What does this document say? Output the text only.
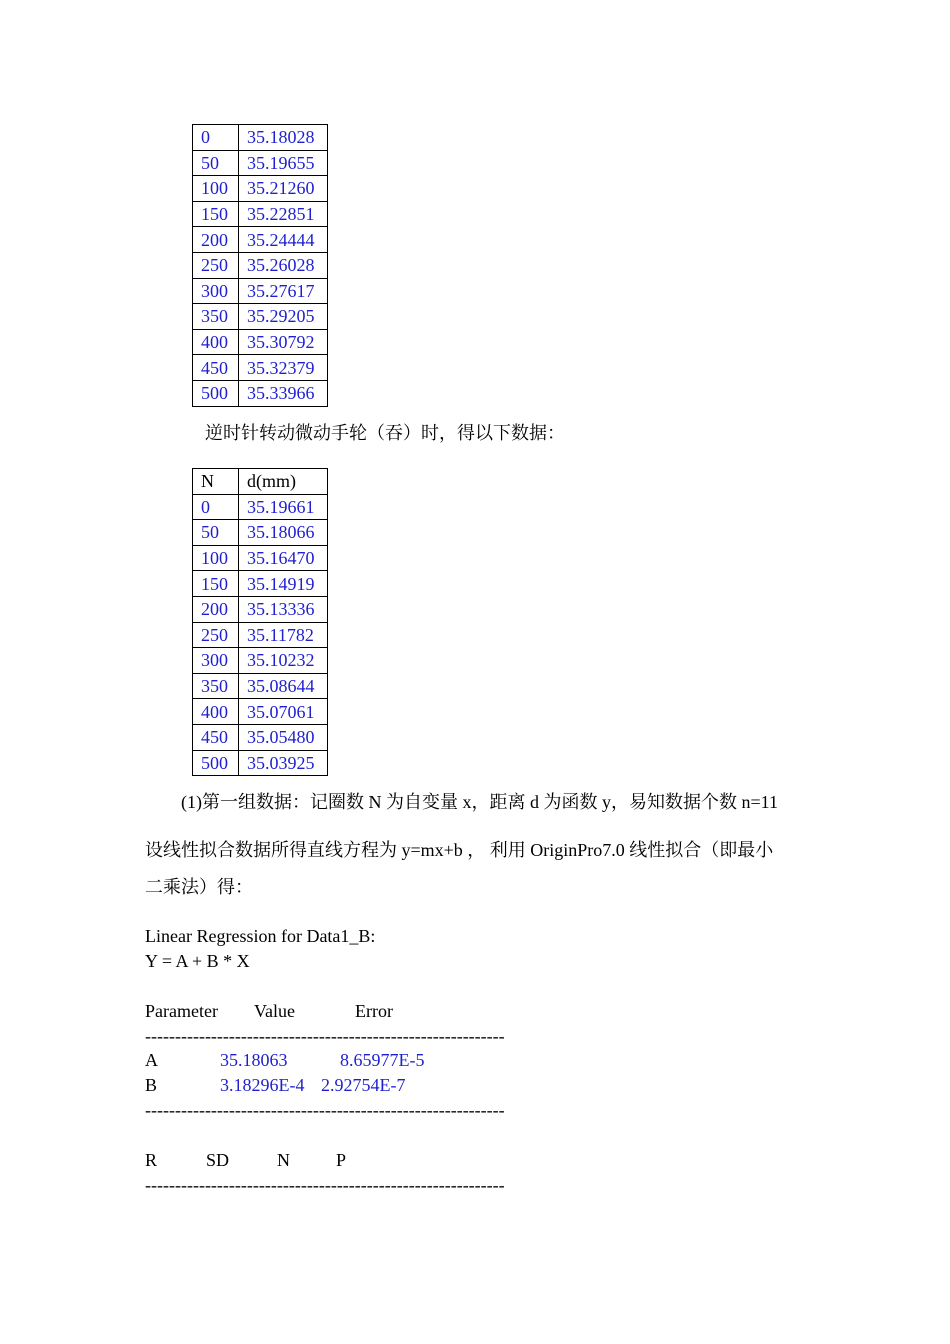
0	35.18028
50	35.19655
100	35.21260
150	35.22851
200	35.24444
250	35.26028
300	35.27617
350	35.29205
400	35.30792
450	35.32379
500	35.33966
逆时针转动微动手轮（吞）时，得以下数据：
N	d(mm)
0	35.19661
50	35.18066
100	35.16470
150	35.14919
200	35.13336
250	35.11782
300	35.10232
350	35.08644
400	35.07061
450	35.05480
500	35.03925
(1)第一组数据：记圈数 N 为自变量 x，距离 d 为函数 y，易知数据个数 n=11
设线性拟合数据所得直线方程为 y=mx+b ， 利用 OriginPro7.0 线性拟合（即最小
二乘法）得：
Linear Regression for Data1_B:
Y = A + B * X
Parameter Value	Error
------------------------------------------------------------
A	35.18063	8.65977E-5
B	3.18296E-4 2.92754E-7
------------------------------------------------------------
R	SD	N	P
------------------------------------------------------------
